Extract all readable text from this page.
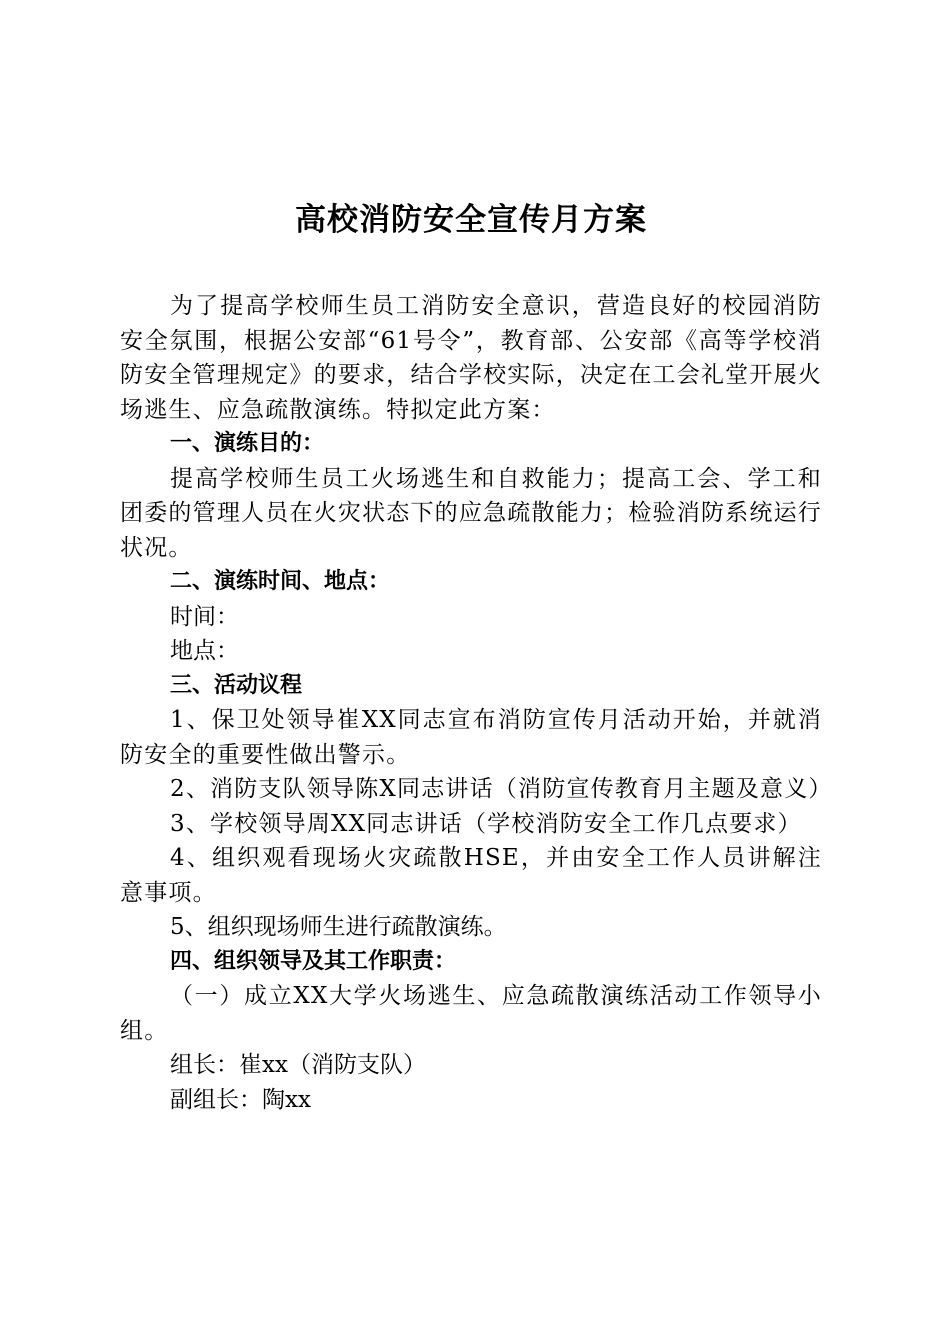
高校消防安全宣传月方案

为了提高学校师生员工消防安全意识，营造良好的校园消防安全氛围，根据公安部“61号令”，教育部、公安部《高等学校消防安全管理规定》的要求，结合学校实际，决定在工会礼堂开展火场逃生、应急疏散演练。特拟定此方案：

一、演练目的：

提高学校师生员工火场逃生和自救能力；提高工会、学工和团委的管理人员在火灾状态下的应急疏散能力；检验消防系统运行状况。

二、演练时间、地点：

时间：

地点：

三、活动议程

1、保卫处领导崔XX同志宣布消防宣传月活动开始，并就消防安全的重要性做出警示。

2、消防支队领导陈X同志讲话（消防宣传教育月主题及意义）

3、学校领导周XX同志讲话（学校消防安全工作几点要求）

4、组织观看现场火灾疏散HSE，并由安全工作人员讲解注意事项。

5、组织现场师生进行疏散演练。

四、组织领导及其工作职责：

（一）成立XX大学火场逃生、应急疏散演练活动工作领导小组。

组长：崔xx（消防支队）

副组长：陶xx
